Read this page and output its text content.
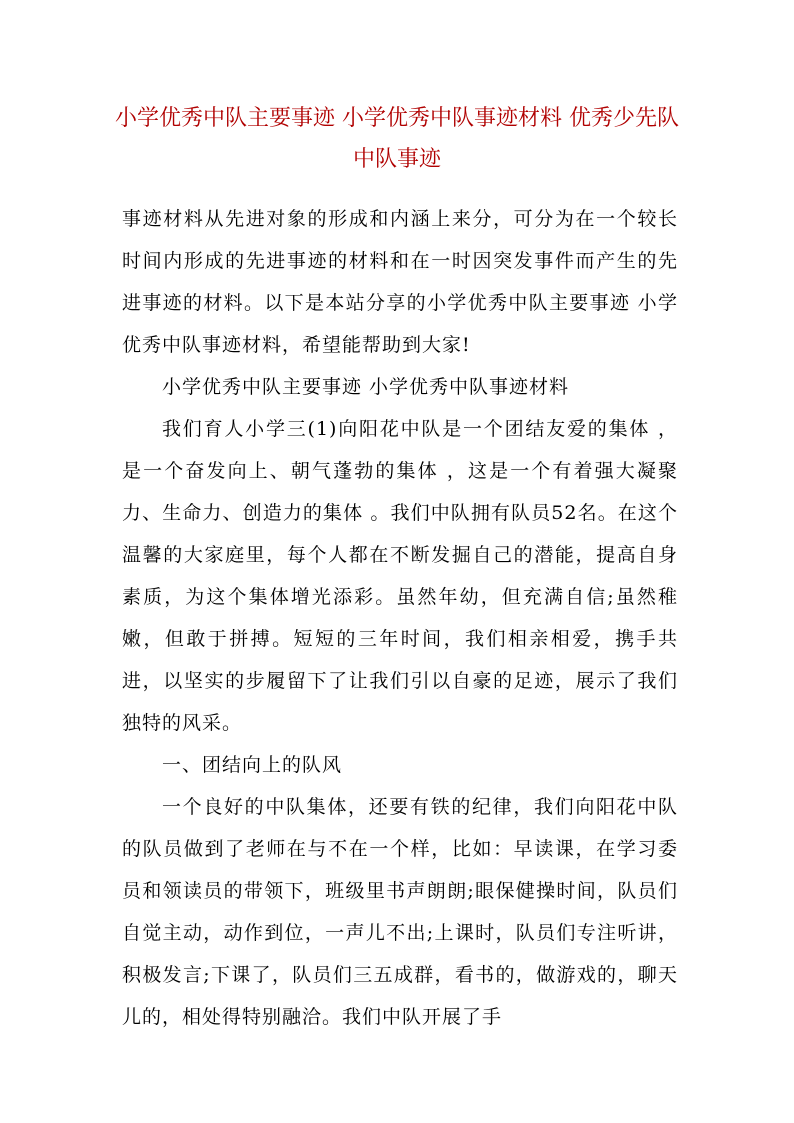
小学优秀中队主要事迹 小学优秀中队事迹材料 优秀少先队中队事迹

事迹材料从先进对象的形成和内涵上来分，可分为在一个较长时间内形成的先进事迹的材料和在一时因突发事件而产生的先进事迹的材料。以下是本站分享的小学优秀中队主要事迹 小学优秀中队事迹材料，希望能帮助到大家!

小学优秀中队主要事迹 小学优秀中队事迹材料

我们育人小学三(1)向阳花中队是一个团结友爱的集体 ，是一个奋发向上、朝气蓬勃的集体 ，这是一个有着强大凝聚力、生命力、创造力的集体 。我们中队拥有队员52名。在这个温馨的大家庭里，每个人都在不断发掘自己的潜能，提高自身素质，为这个集体增光添彩。虽然年幼，但充满自信;虽然稚嫩，但敢于拼搏。短短的三年时间，我们相亲相爱，携手共进，以坚实的步履留下了让我们引以自豪的足迹，展示了我们独特的风采。

一、团结向上的队风

一个良好的中队集体，还要有铁的纪律，我们向阳花中队的队员做到了老师在与不在一个样，比如：早读课，在学习委员和领读员的带领下，班级里书声朗朗;眼保健操时间，队员们自觉主动，动作到位，一声儿不出;上课时，队员们专注听讲，积极发言;下课了，队员们三五成群，看书的，做游戏的，聊天儿的，相处得特别融洽。我们中队开展了手
